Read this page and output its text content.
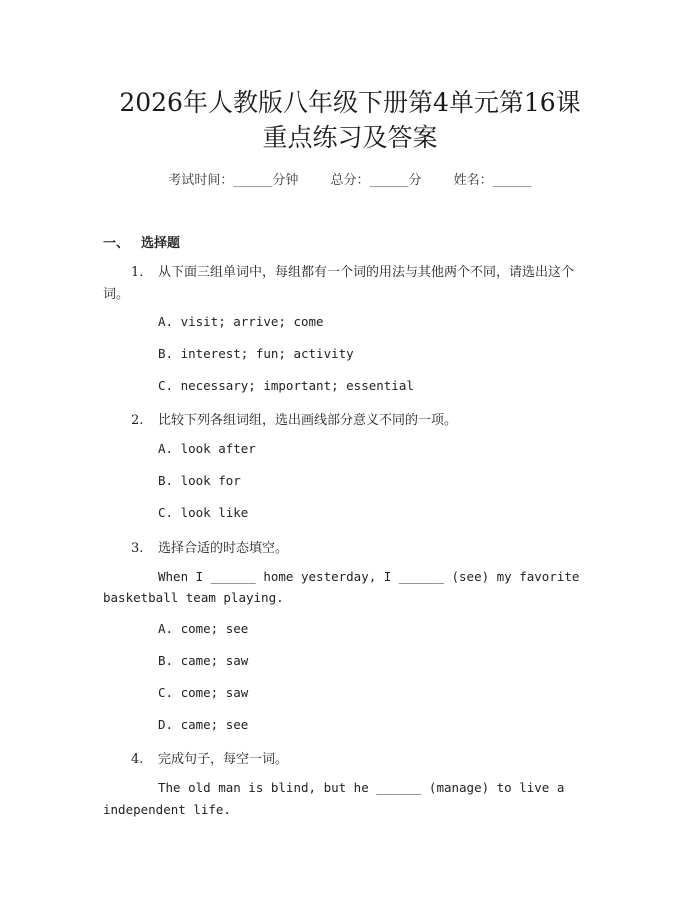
2026年人教版八年级下册第4单元第16课
重点练习及答案
考试时间：______分钟 总分：______分 姓名：______
一、 选择题
1. 从下面三组单词中，每组都有一个词的用法与其他两个不同，请选出这个
词。
A. visit; arrive; come
B. interest; fun; activity
C. necessary; important; essential
2. 比较下列各组词组，选出画线部分意义不同的一项。
A. look after
B. look for
C. look like
3. 选择合适的时态填空。
When I ______ home yesterday, I ______ (see) my favorite
basketball team playing.
A. come; see
B. came; saw
C. come; saw
D. came; see
4. 完成句子，每空一词。
The old man is blind, but he ______ (manage) to live a
independent life.
